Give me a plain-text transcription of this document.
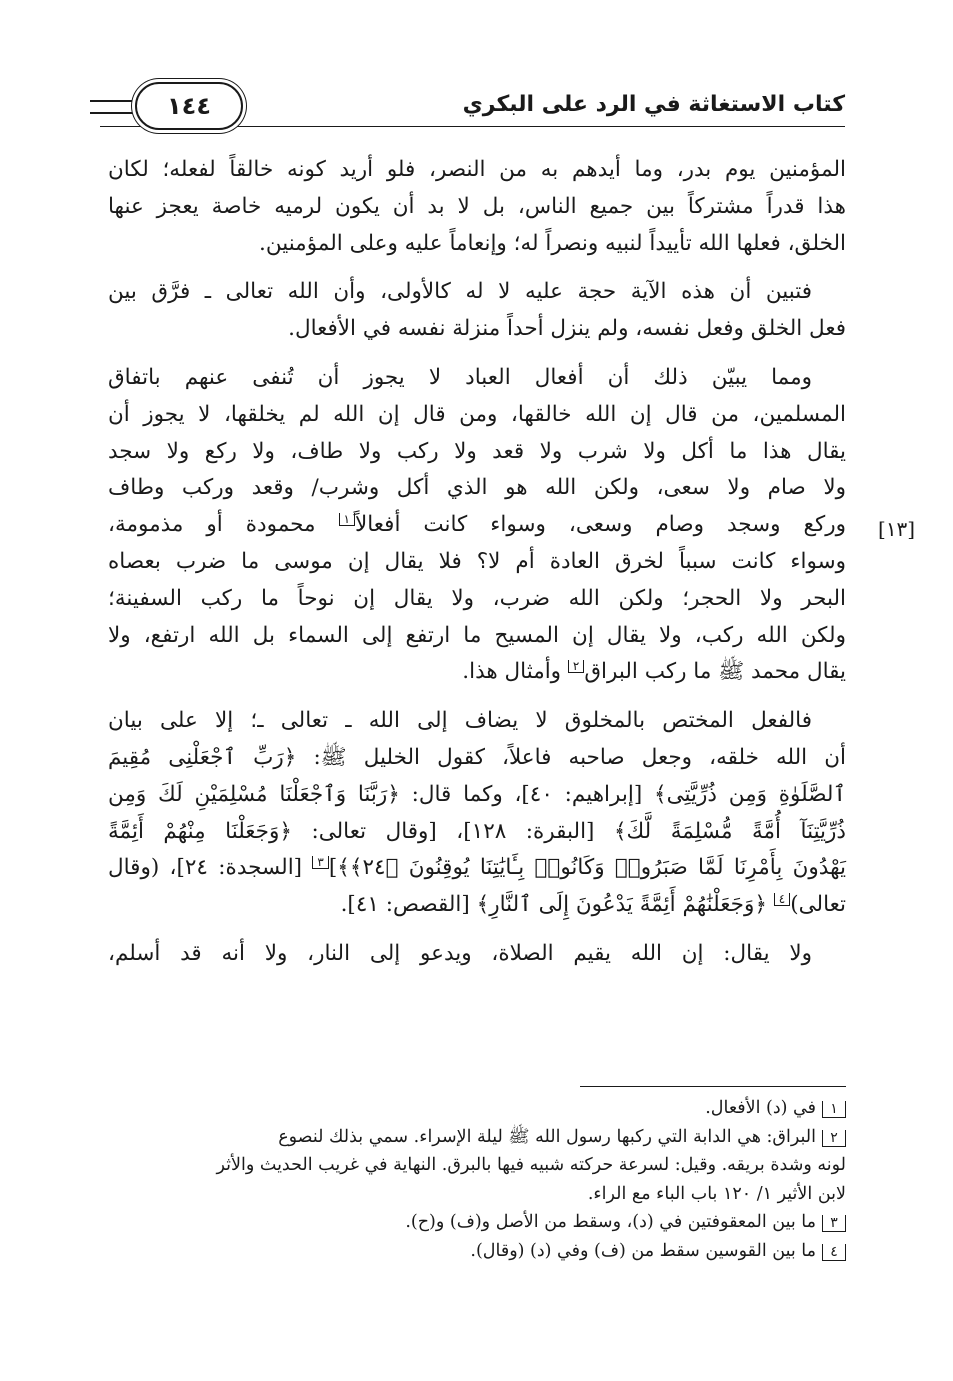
كتاب الاستغاثة في الرد على البكري
١٤٤
[١٣]

المؤمنين يوم بدر، وما أيدهم به من النصر، فلو أريد كونه خالقاً لفعله؛ لكان
هذا قدراً مشتركاً بين جميع الناس، بل لا بد أن يكون لرميه خاصة يعجز عنها
الخلق، فعلها الله تأييداً لنبيه ونصراً له؛ وإنعاماً عليه وعلى المؤمنين.

فتبين أن هذه الآية حجة عليه لا له كالأولى، وأن الله تعالى ـ فرَّق بين
فعل الخلق وفعل نفسه، ولم ينزل أحداً منزلة نفسه في الأفعال.

ومما يبيّن ذلك أن أفعال العباد لا يجوز أن تُنفى عنهم باتفاق
المسلمين، من قال إن الله خالقها، ومن قال إن الله لم يخلقها، لا يجوز أن
يقال هذا ما أكل ولا شرب ولا قعد ولا ركب ولا طاف، ولا ركع ولا سجد
ولا صام ولا سعى، ولكن الله هو الذي أكل وشرب/ وقعد وركب وطاف
وركع وسجد وصام وسعى، وسواء كانت أفعالاً١ محمودة أو مذمومة،
وسواء كانت سبباً لخرق العادة أم لا؟ فلا يقال إن موسى ما ضرب بعصاه
البحر ولا الحجر؛ ولكن الله ضرب، ولا يقال إن نوحاً ما ركب السفينة؛
ولكن الله ركب، ولا يقال إن المسيح ما ارتفع إلى السماء بل الله ارتفع، ولا
يقال محمد ﷺ ما ركب البراق٢ وأمثال هذا.

فالفعل المختص بالمخلوق لا يضاف إلى الله ـ تعالى ـ؛ إلا على بيان
أن الله خلقه، وجعل صاحبه فاعلاً، كقول الخليل ﷺ: ﴿رَبِّ ٱجْعَلْنِى مُقِيمَ
ٱلصَّلَوٰةِ وَمِن ذُرِّيَّتِى﴾ [إبراهيم: ٤٠]، وكما قال: ﴿رَبَّنَا وَٱجْعَلْنَا مُسْلِمَيْنِ لَكَ وَمِن
ذُرِّيَّتِنَآ أُمَّةً مُّسْلِمَةً لَّكَ﴾ [البقرة: ١٢٨]، [وقال تعالى: ﴿وَجَعَلْنَا مِنْهُمْ أَئِمَّةً
يَهْدُونَ بِأَمْرِنَا لَمَّا صَبَرُوا۟ وَكَانُوا۟ بِـَٔايَٰتِنَا يُوقِنُونَ ﴿٢٤﴾﴾]٣ [السجدة: ٢٤]، (وقال
تعالى)٤ ﴿وَجَعَلْنَٰهُمْ أَئِمَّةً يَدْعُونَ إِلَى ٱلنَّارِ﴾ [القصص: ٤١].

ولا يقال: إن الله يقيم الصلاة، ويدعو إلى النار، ولا أنه قد أسلم،

١في (د) الأفعال.
٢البراق: هي الدابة التي ركبها رسول الله ﷺ ليلة الإسراء. سمي بذلك لنصوع
لونه وشدة بريقه. وقيل: لسرعة حركته شبيه فيها بالبرق. النهاية في غريب الحديث والأثر
لابن الأثير ١/ ١٢٠ باب الباء مع الراء.
٣ما بين المعقوفتين في (د)، وسقط من الأصل و(ف) و(ح).
٤ما بين القوسين سقط من (ف) وفي (د) (وقال).
